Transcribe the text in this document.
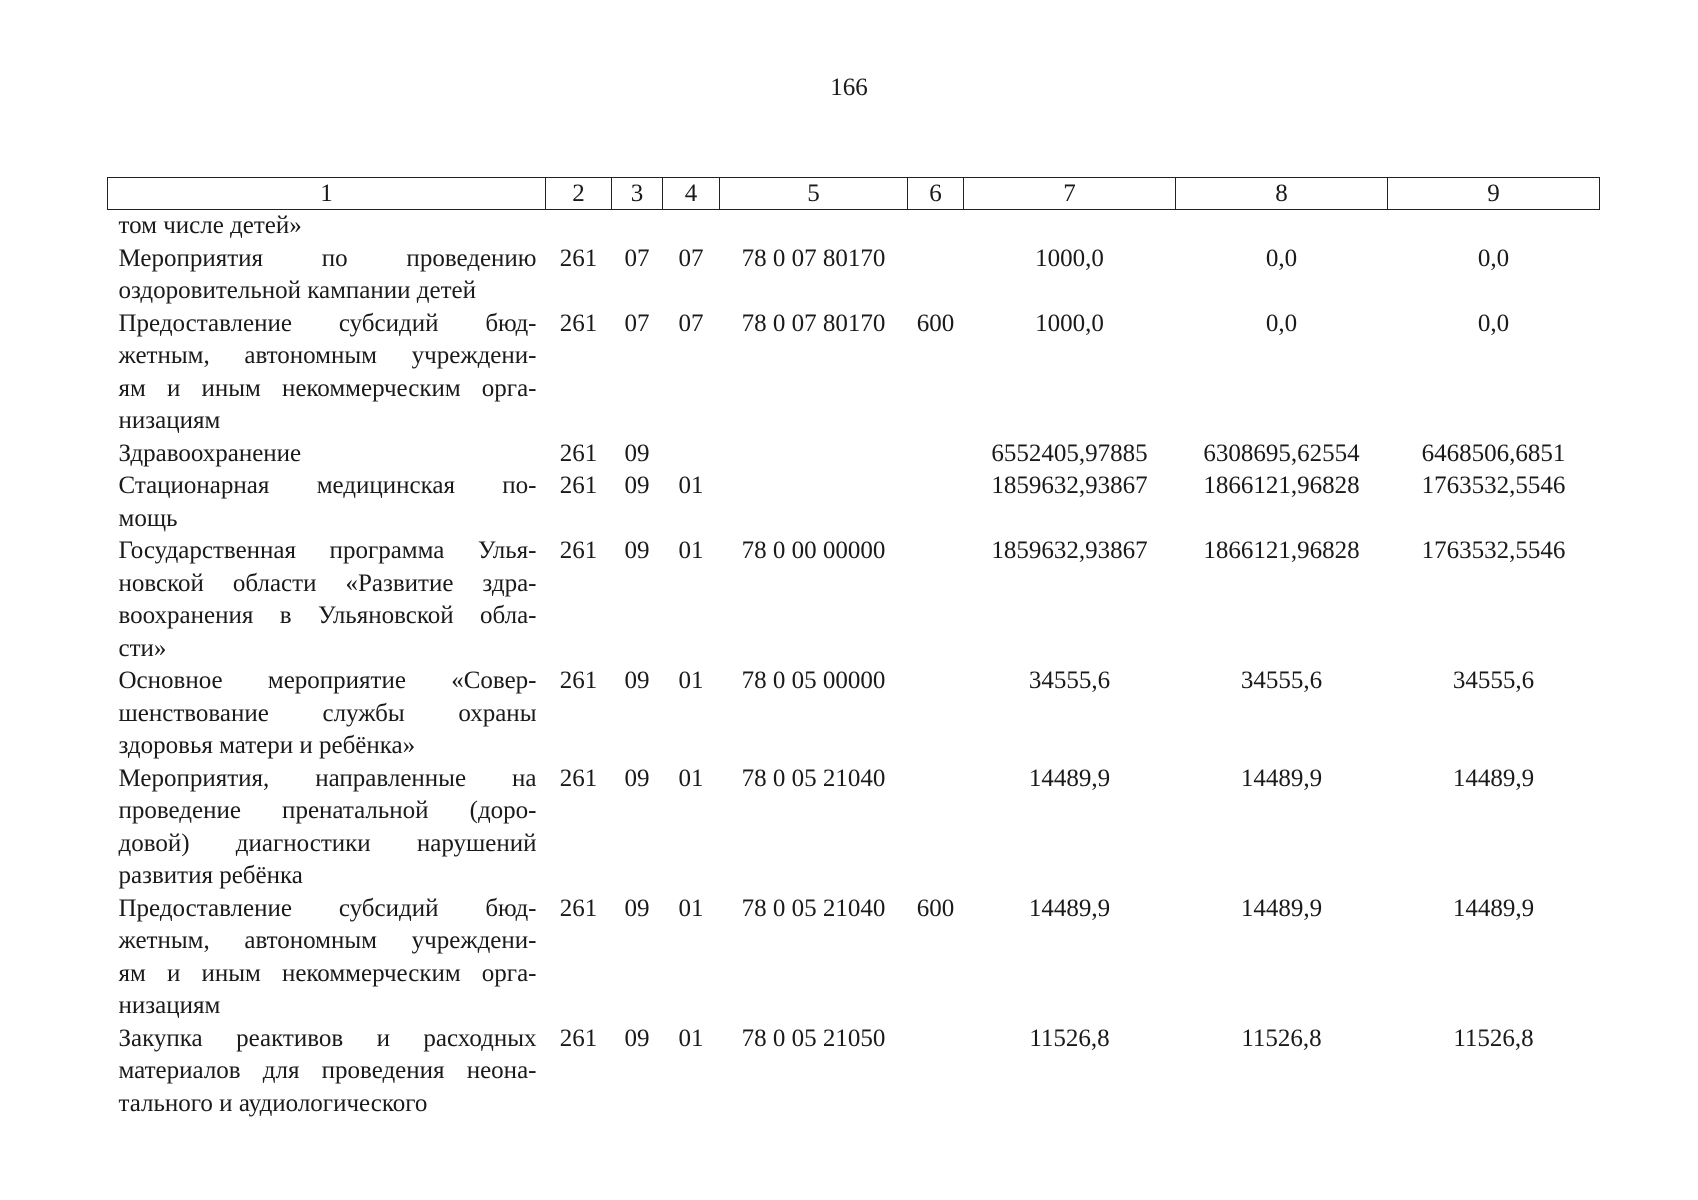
166
1	2	3	4	5	6	7	8	9

том числе детей»								

Мероприятия по проведению
оздоровительной кампании детей	261	07	07	78 0 07 80170		1000,0	0,0	0,0

Предоставление субсидий бюд-
жетным, автономным учреждени-
ям и иным некоммерческим орга-
низациям	261	07	07	78 0 07 80170	600	1000,0	0,0	0,0

Здравоохранение	261	09				6552405,97885	6308695,62554	6468506,6851

Стационарная медицинская по-
мощь	261	09	01			1859632,93867	1866121,96828	1763532,5546

Государственная программа Улья-
новской области «Развитие здра-
воохранения в Ульяновской обла-
сти»	261	09	01	78 0 00 00000		1859632,93867	1866121,96828	1763532,5546

Основное мероприятие «Совер-
шенствование службы охраны
здоровья матери и ребёнка»	261	09	01	78 0 05 00000		34555,6	34555,6	34555,6

Мероприятия, направленные на
проведение пренатальной (доро-
довой) диагностики нарушений
развития ребёнка	261	09	01	78 0 05 21040		14489,9	14489,9	14489,9

Предоставление субсидий бюд-
жетным, автономным учреждени-
ям и иным некоммерческим орга-
низациям	261	09	01	78 0 05 21040	600	14489,9	14489,9	14489,9

Закупка реактивов и расходных
материалов для проведения неона-
тального и аудиологического	261	09	01	78 0 05 21050		11526,8	11526,8	11526,8
